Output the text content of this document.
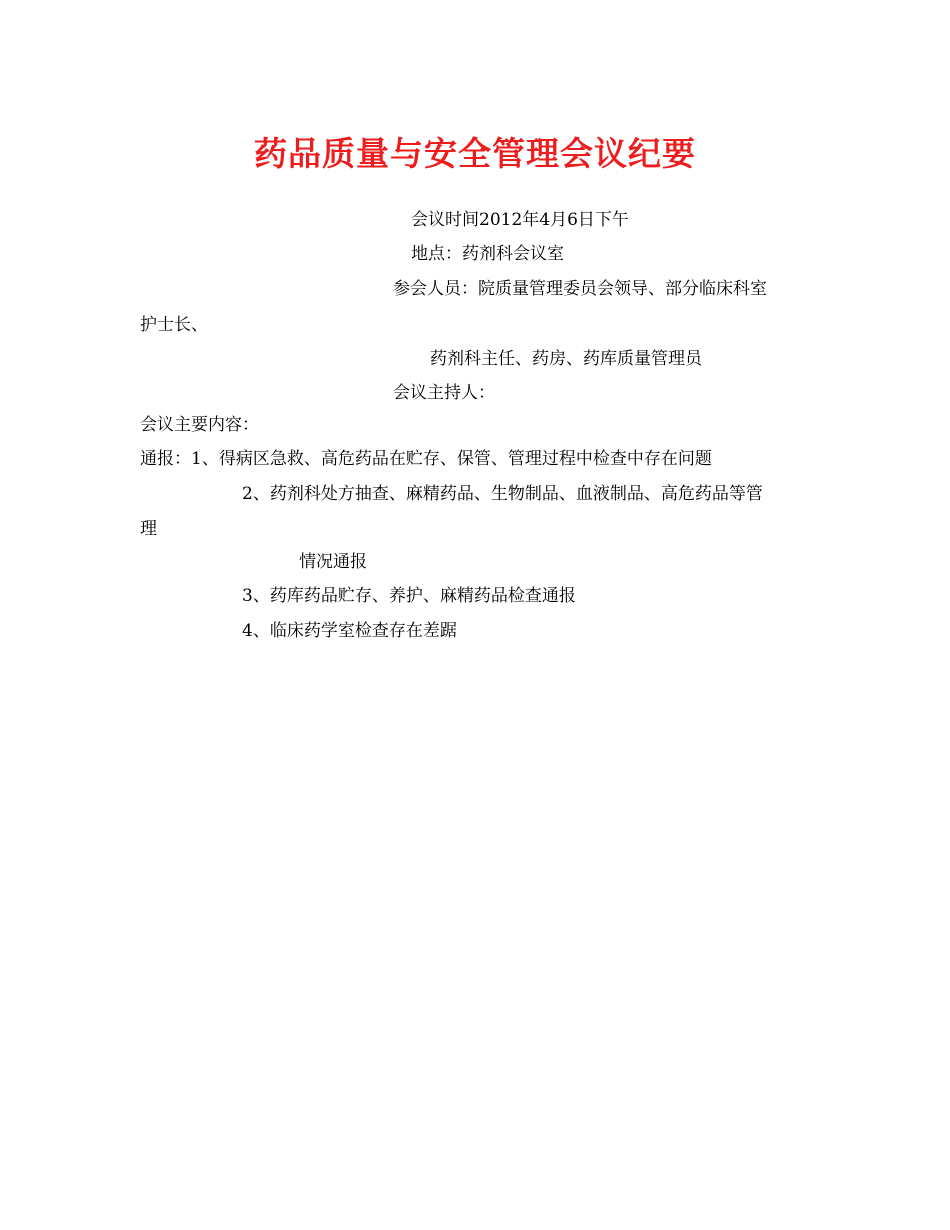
药品质量与安全管理会议纪要
会议时间2012年4月6日下午
地点：药剂科会议室
参会人员：院质量管理委员会领导、部分临床科室
护士长、
药剂科主任、药房、药库质量管理员
会议主持人：
会议主要内容：
通报：1、得病区急救、高危药品在贮存、保管、管理过程中检查中存在问题
2、药剂科处方抽查、麻精药品、生物制品、血液制品、高危药品等管
理
情况通报
3、药库药品贮存、养护、麻精药品检查通报
4、临床药学室检查存在差踞
